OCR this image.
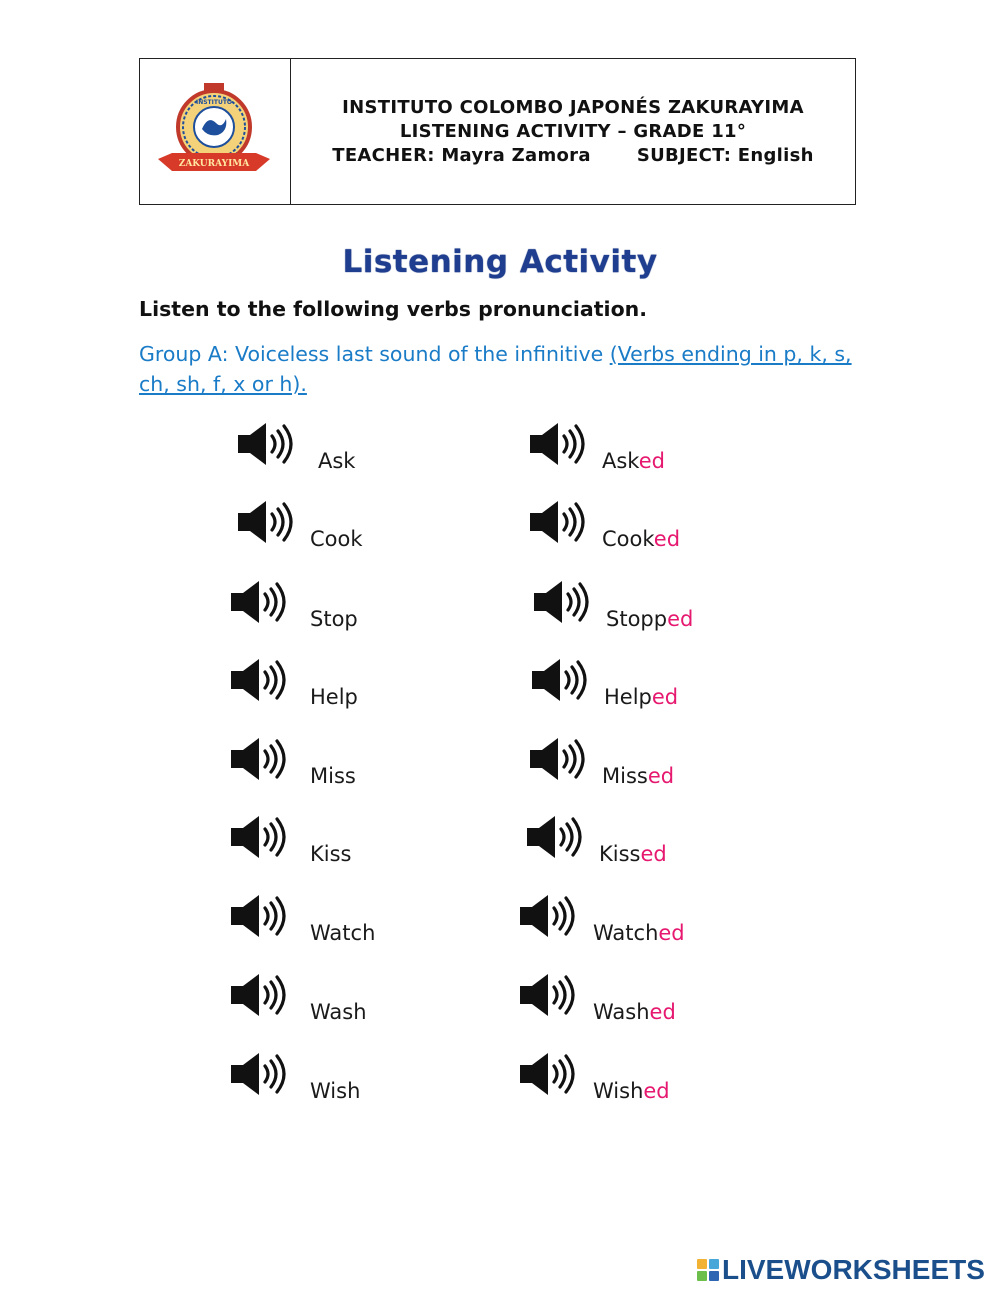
INSTITUTO
ZAKURAYIMA
INSTITUTO COLOMBO JAPONÉS ZAKURAYIMA
LISTENING ACTIVITY – GRADE 11°
TEACHER: Mayra Zamora	SUBJECT: English
Listening Activity
Listen to the following verbs pronunciation.
Group A: Voiceless last sound of the infinitive (Verbs ending in p, k, s, ch, sh, f, x or h).
Ask	Asked
Cook	Cooked
Stop	Stopped
Help	Helped
Miss	Missed
Kiss	Kissed
Watch	Watched
Wash	Washed
Wish	Wished
LIVEWORKSHEETS
